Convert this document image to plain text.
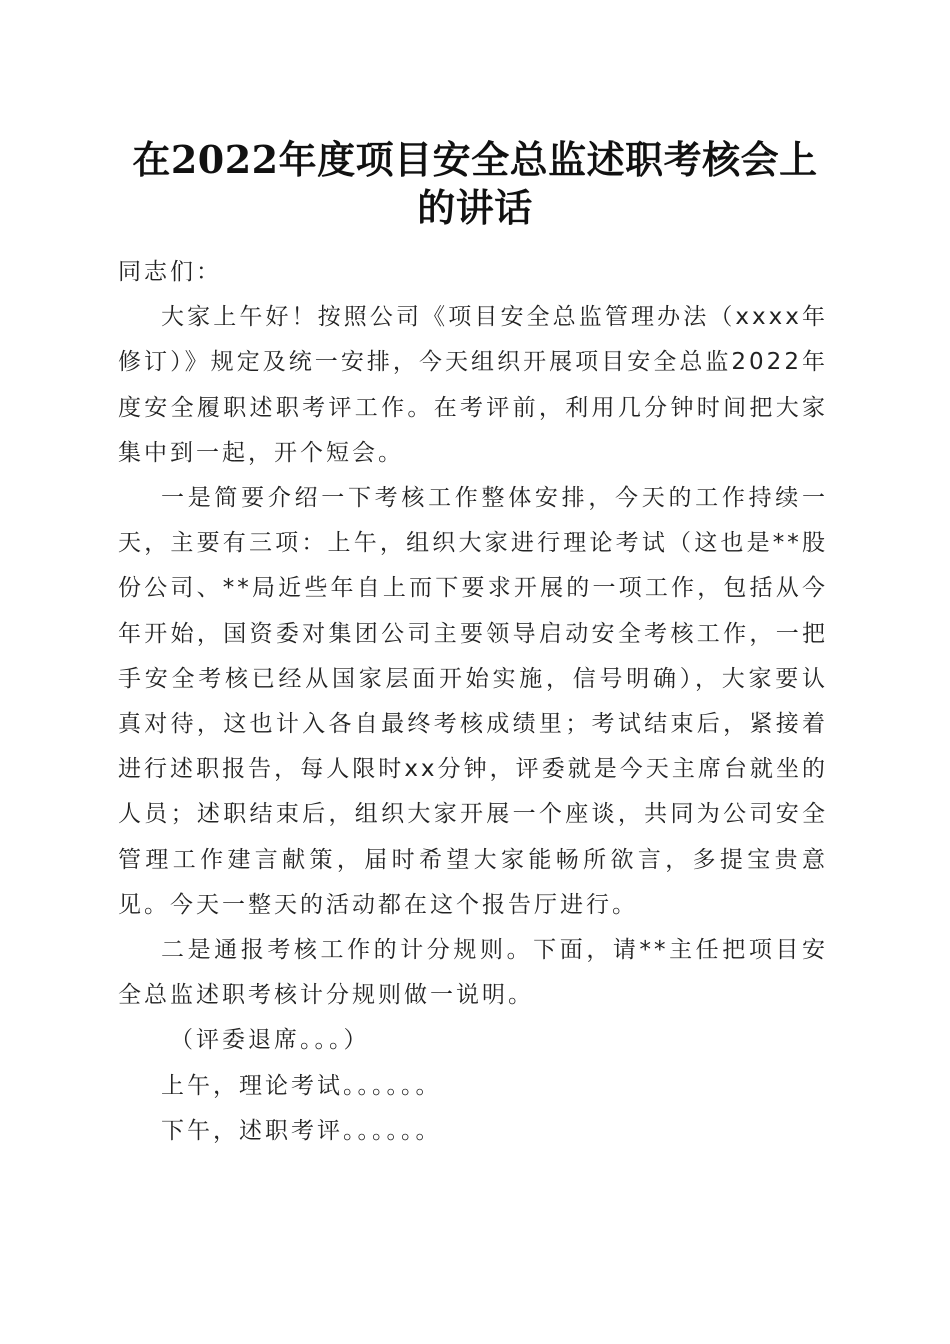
在2022年度项目安全总监述职考核会上的讲话

同志们：

大家上午好！按照公司《项目安全总监管理办法（xxxx年修订）》规定及统一安排，今天组织开展项目安全总监2022年度安全履职述职考评工作。在考评前，利用几分钟时间把大家集中到一起，开个短会。

一是简要介绍一下考核工作整体安排，今天的工作持续一天，主要有三项：上午，组织大家进行理论考试（这也是**股份公司、**局近些年自上而下要求开展的一项工作，包括从今年开始，国资委对集团公司主要领导启动安全考核工作，一把手安全考核已经从国家层面开始实施，信号明确），大家要认真对待，这也计入各自最终考核成绩里；考试结束后，紧接着进行述职报告，每人限时xx分钟，评委就是今天主席台就坐的人员；述职结束后，组织大家开展一个座谈，共同为公司安全管理工作建言献策，届时希望大家能畅所欲言，多提宝贵意见。今天一整天的活动都在这个报告厅进行。

二是通报考核工作的计分规则。下面，请**主任把项目安全总监述职考核计分规则做一说明。

（评委退席。。。）

上午，理论考试。。。。。。

下午，述职考评。。。。。。
